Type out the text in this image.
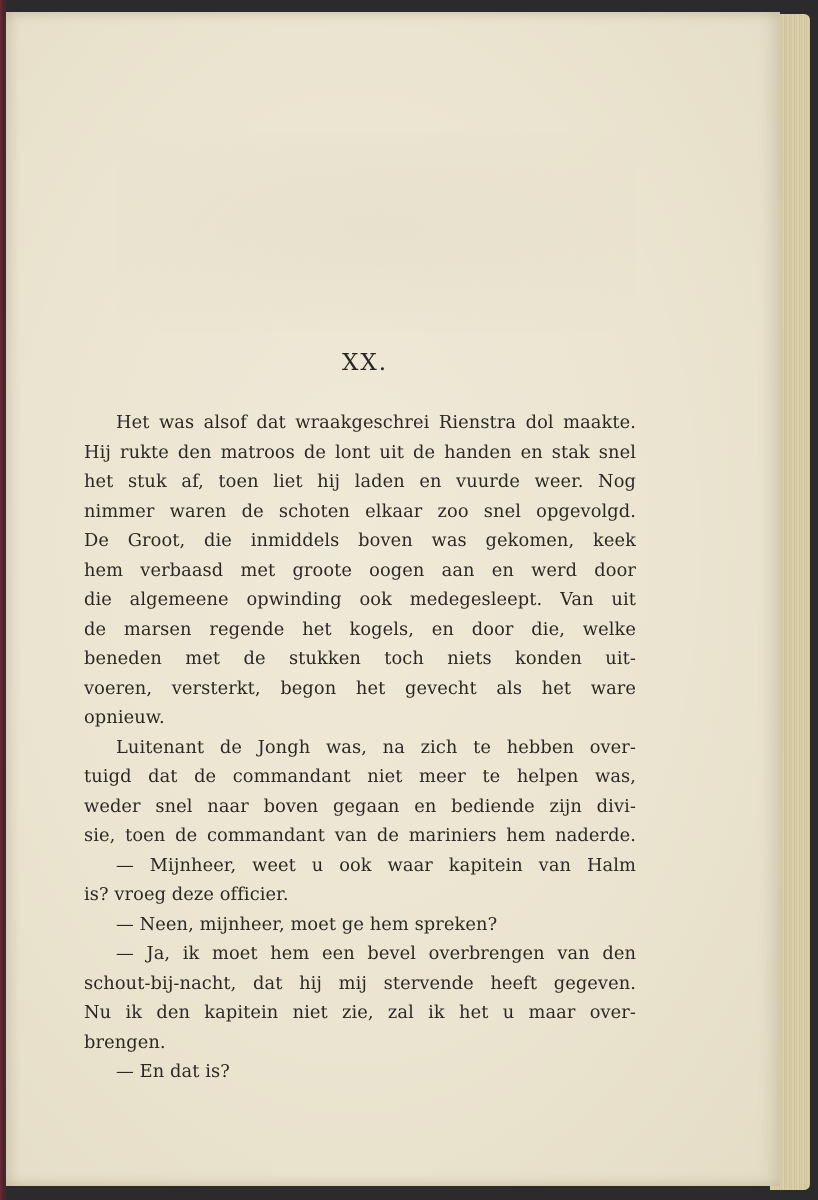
XX.
Het was alsof dat wraakgeschrei Rienstra dol maakte.
Hij rukte den matroos de lont uit de handen en stak snel
het stuk af, toen liet hij laden en vuurde weer. Nog
nimmer waren de schoten elkaar zoo snel opgevolgd.
De Groot, die inmiddels boven was gekomen, keek
hem verbaasd met groote oogen aan en werd door
die algemeene opwinding ook medegesleept. Van uit
de marsen regende het kogels, en door die, welke
beneden met de stukken toch niets konden uit-
voeren, versterkt, begon het gevecht als het ware
opnieuw.
Luitenant de Jongh was, na zich te hebben over-
tuigd dat de commandant niet meer te helpen was,
weder snel naar boven gegaan en bediende zijn divi-
sie, toen de commandant van de mariniers hem naderde.
— Mijnheer, weet u ook waar kapitein van Halm
is? vroeg deze officier.
— Neen, mijnheer, moet ge hem spreken?
— Ja, ik moet hem een bevel overbrengen van den
schout-bij-nacht, dat hij mij stervende heeft gegeven.
Nu ik den kapitein niet zie, zal ik het u maar over-
brengen.
— En dat is?
